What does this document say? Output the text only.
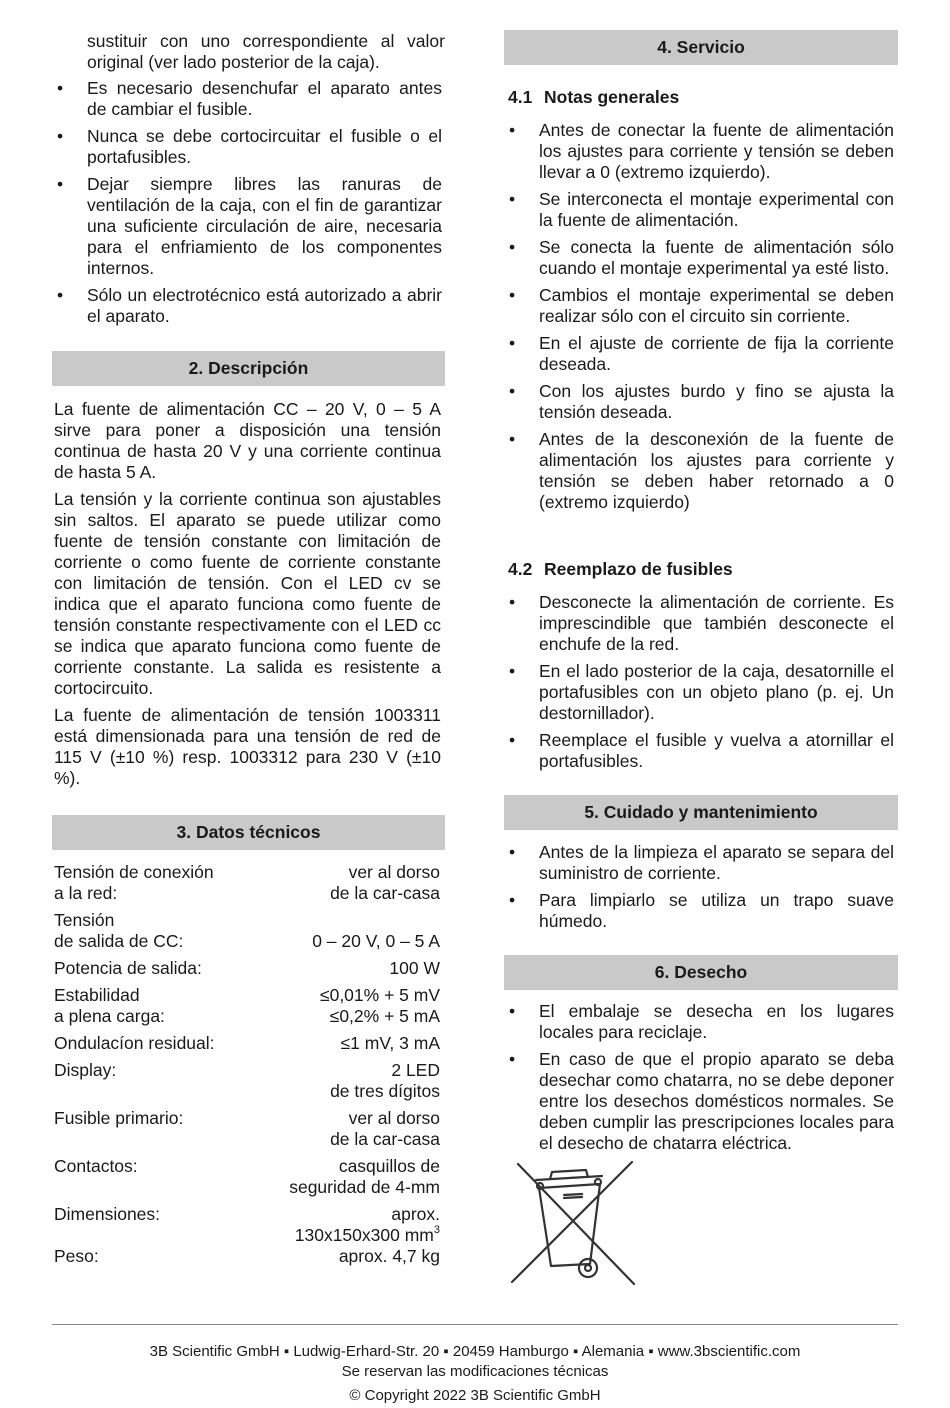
sustituir con uno correspondiente al valor

original (ver lado posterior de la caja).

• Es necesario desenchufar el aparato antes de cambiar el fusible.
• Nunca se debe cortocircuitar el fusible o el portafusibles.
• Dejar siempre libres las ranuras de ventilación de la caja, con el fin de garantizar una suficiente circulación de aire, necesaria para el enfriamiento de los componentes internos.
• Sólo un electrotécnico está autorizado a abrir el aparato.
2. Descripción

La fuente de alimentación CC – 20 V, 0 – 5 A sirve para poner a disposición una tensión continua de hasta 20 V y una corriente continua de hasta 5 A.

La tensión y la corriente continua son ajustables sin saltos. El aparato se puede utilizar como fuente de tensión constante con limitación de corriente o como fuente de corriente constante con limitación de tensión. Con el LED cv se indica que el aparato funciona como fuente de tensión constante respectivamente con el LED cc se indica que aparato funciona como fuente de corriente constante. La salida es resistente a cortocircuito.

La fuente de alimentación de tensión 1003311 está dimensionada para una tensión de red de 115 V (±10 %) resp. 1003312 para 230 V (±10 %).

3. Datos técnicos
Tensión de conexión
a la red:	ver al dorso
de la car-casa
Tensión
de salida de CC:	0 – 20 V, 0 – 5 A
Potencia de salida:	100 W
Estabilidad
a plena carga:	≤0,01% + 5 mV
≤0,2% + 5 mA
Ondulacíon residual:	≤1 mV, 3 mA
Display:	2 LED
de tres dígitos
Fusible primario:	ver al dorso
de la car-casa
Contactos:	casquillos de
seguridad de 4-mm
Dimensiones:	aprox.
130x150x300 $mm^3$
Peso:	aprox. 4,7 kg
4. Servicio
4.1 Notas generales
• Antes de conectar la fuente de alimentación los ajustes para corriente y tensión se deben llevar a 0 (extremo izquierdo).
• Se interconecta el montaje experimental con la fuente de alimentación.
• Se conecta la fuente de alimentación sólo cuando el montaje experimental ya esté listo.
• Cambios el montaje experimental se deben realizar sólo con el circuito sin corriente.
• En el ajuste de corriente de fija la corriente deseada.
• Con los ajustes burdo y fino se ajusta la tensión deseada.
• Antes de la desconexión de la fuente de alimentación los ajustes para corriente y tensión se deben haber retornado a 0 (extremo izquierdo)
4.2 Reemplazo de fusibles
• Desconecte la alimentación de corriente. Es imprescindible que también desconecte el enchufe de la red.
• En el lado posterior de la caja, desatornille el portafusibles con un objeto plano (p. ej. Un destornillador).
• Reemplace el fusible y vuelva a atornillar el portafusibles.
5. Cuidado y mantenimiento
• Antes de la limpieza el aparato se separa del suministro de corriente.
• Para limpiarlo se utiliza un trapo suave húmedo.
6. Desecho
• El embalaje se desecha en los lugares locales para reciclaje.
• En caso de que el propio aparato se deba desechar como chatarra, no se debe deponer entre los desechos domésticos normales. Se deben cumplir las prescripciones locales para el desecho de chatarra eléctrica.
3B Scientific GmbH ▪ Ludwig-Erhard-Str. 20 ▪ 20459 Hamburgo ▪ Alemania ▪ www.3bscientific.com
Se reservan las modificaciones técnicas
© Copyright 2022 3B Scientific GmbH
